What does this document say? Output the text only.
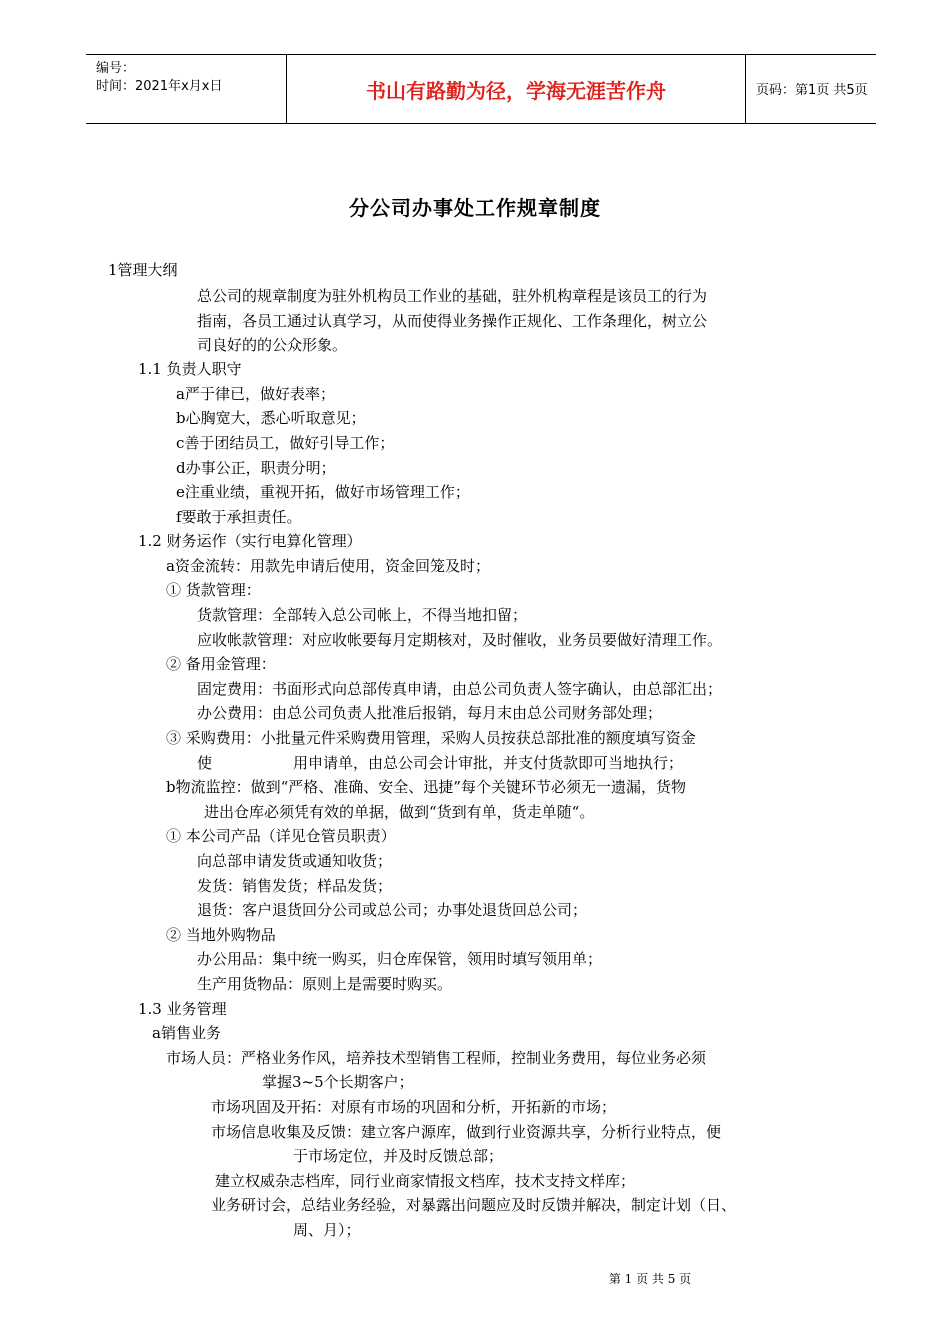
编号：
时间：2021年x月x日	书山有路勤为径，学海无涯苦作舟	页码：第1页 共5页
分公司办事处工作规章制度
1管理大纲
总公司的规章制度为驻外机构员工作业的基础，驻外机构章程是该员工的行为
指南，各员工通过认真学习，从而使得业务操作正规化、工作条理化，树立公
司良好的的公众形象。
1.1 负责人职守
a严于律已，做好表率；
b心胸宽大，悉心听取意见；
c善于团结员工，做好引导工作；
d办事公正，职责分明；
e注重业绩，重视开拓，做好市场管理工作；
f要敢于承担责任。
1.2 财务运作（实行电算化管理）
a资金流转：用款先申请后使用，资金回笼及时；
① 货款管理：
货款管理：全部转入总公司帐上，不得当地扣留；
应收帐款管理：对应收帐要每月定期核对，及时催收，业务员要做好清理工作。
② 备用金管理：
固定费用：书面形式向总部传真申请，由总公司负责人签字确认，由总部汇出；
办公费用：由总公司负责人批准后报销，每月末由总公司财务部处理；
③ 采购费用：小批量元件采购费用管理，采购人员按获总部批准的额度填写资金
使	用申请单，由总公司会计审批，并支付货款即可当地执行；
b物流监控：做到“严格、准确、安全、迅捷”每个关键环节必须无一遗漏，货物
进出仓库必须凭有效的单据，做到“货到有单，货走单随“。
① 本公司产品（详见仓管员职责）
向总部申请发货或通知收货；
发货：销售发货；样品发货；
退货：客户退货回分公司或总公司；办事处退货回总公司；
② 当地外购物品
办公用品：集中统一购买，归仓库保管，领用时填写领用单；
生产用货物品：原则上是需要时购买。
1.3 业务管理
a销售业务
市场人员：严格业务作风，培养技术型销售工程师，控制业务费用，每位业务必须
掌握3~5个长期客户；
市场巩固及开拓：对原有市场的巩固和分析，开拓新的市场；
市场信息收集及反馈：建立客户源库，做到行业资源共享，分析行业特点，便
于市场定位，并及时反馈总部；
建立权威杂志档库，同行业商家情报文档库，技术支持文样库；
业务研讨会，总结业务经验，对暴露出问题应及时反馈并解决，制定计划（日、
周、月）；
第 1 页 共 5 页
